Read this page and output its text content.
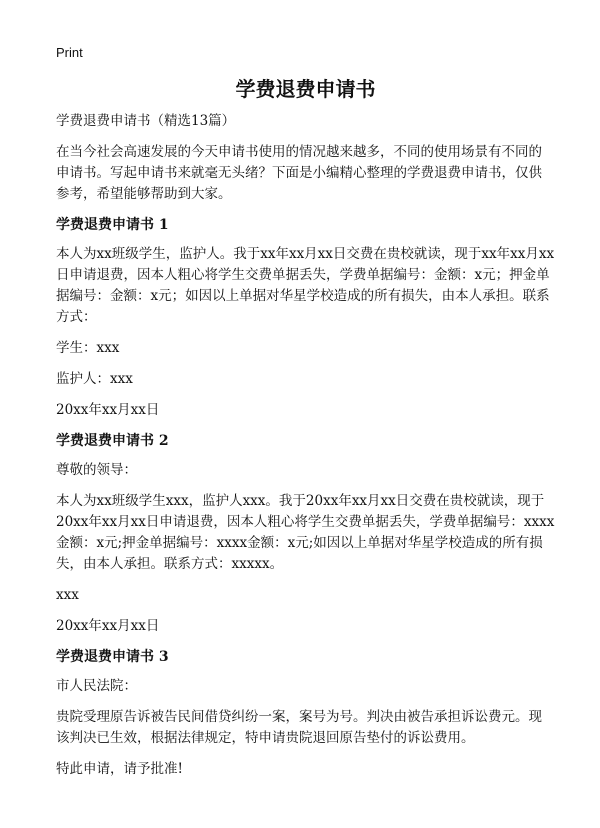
Print
学费退费申请书

学费退费申请书（精选13篇）

在当今社会高速发展的今天申请书使用的情况越来越多，不同的使用场景有不同的申请书。写起申请书来就毫无头绪？下面是小编精心整理的学费退费申请书，仅供参考，希望能够帮助到大家。

学费退费申请书 1

本人为xx班级学生，监护人。我于xx年xx月xx日交费在贵校就读，现于xx年xx月xx日申请退费，因本人粗心将学生交费单据丢失，学费单据编号：金额：x元；押金单据编号：金额：x元；如因以上单据对华星学校造成的所有损失，由本人承担。联系方式：

学生：xxx

监护人：xxx

20xx年xx月xx日

学费退费申请书 2

尊敬的领导：

本人为xx班级学生xxx，监护人xxx。我于20xx年xx月xx日交费在贵校就读，现于20xx年xx月xx日申请退费，因本人粗心将学生交费单据丢失，学费单据编号：xxxx金额：x元;押金单据编号：xxxx金额：x元;如因以上单据对华星学校造成的所有损失，由本人承担。联系方式：xxxxx。

xxx

20xx年xx月xx日

学费退费申请书 3

市人民法院：

贵院受理原告诉被告民间借贷纠纷一案，案号为号。判决由被告承担诉讼费元。现该判决已生效，根据法律规定，特申请贵院退回原告垫付的诉讼费用。

特此申请，请予批准!
